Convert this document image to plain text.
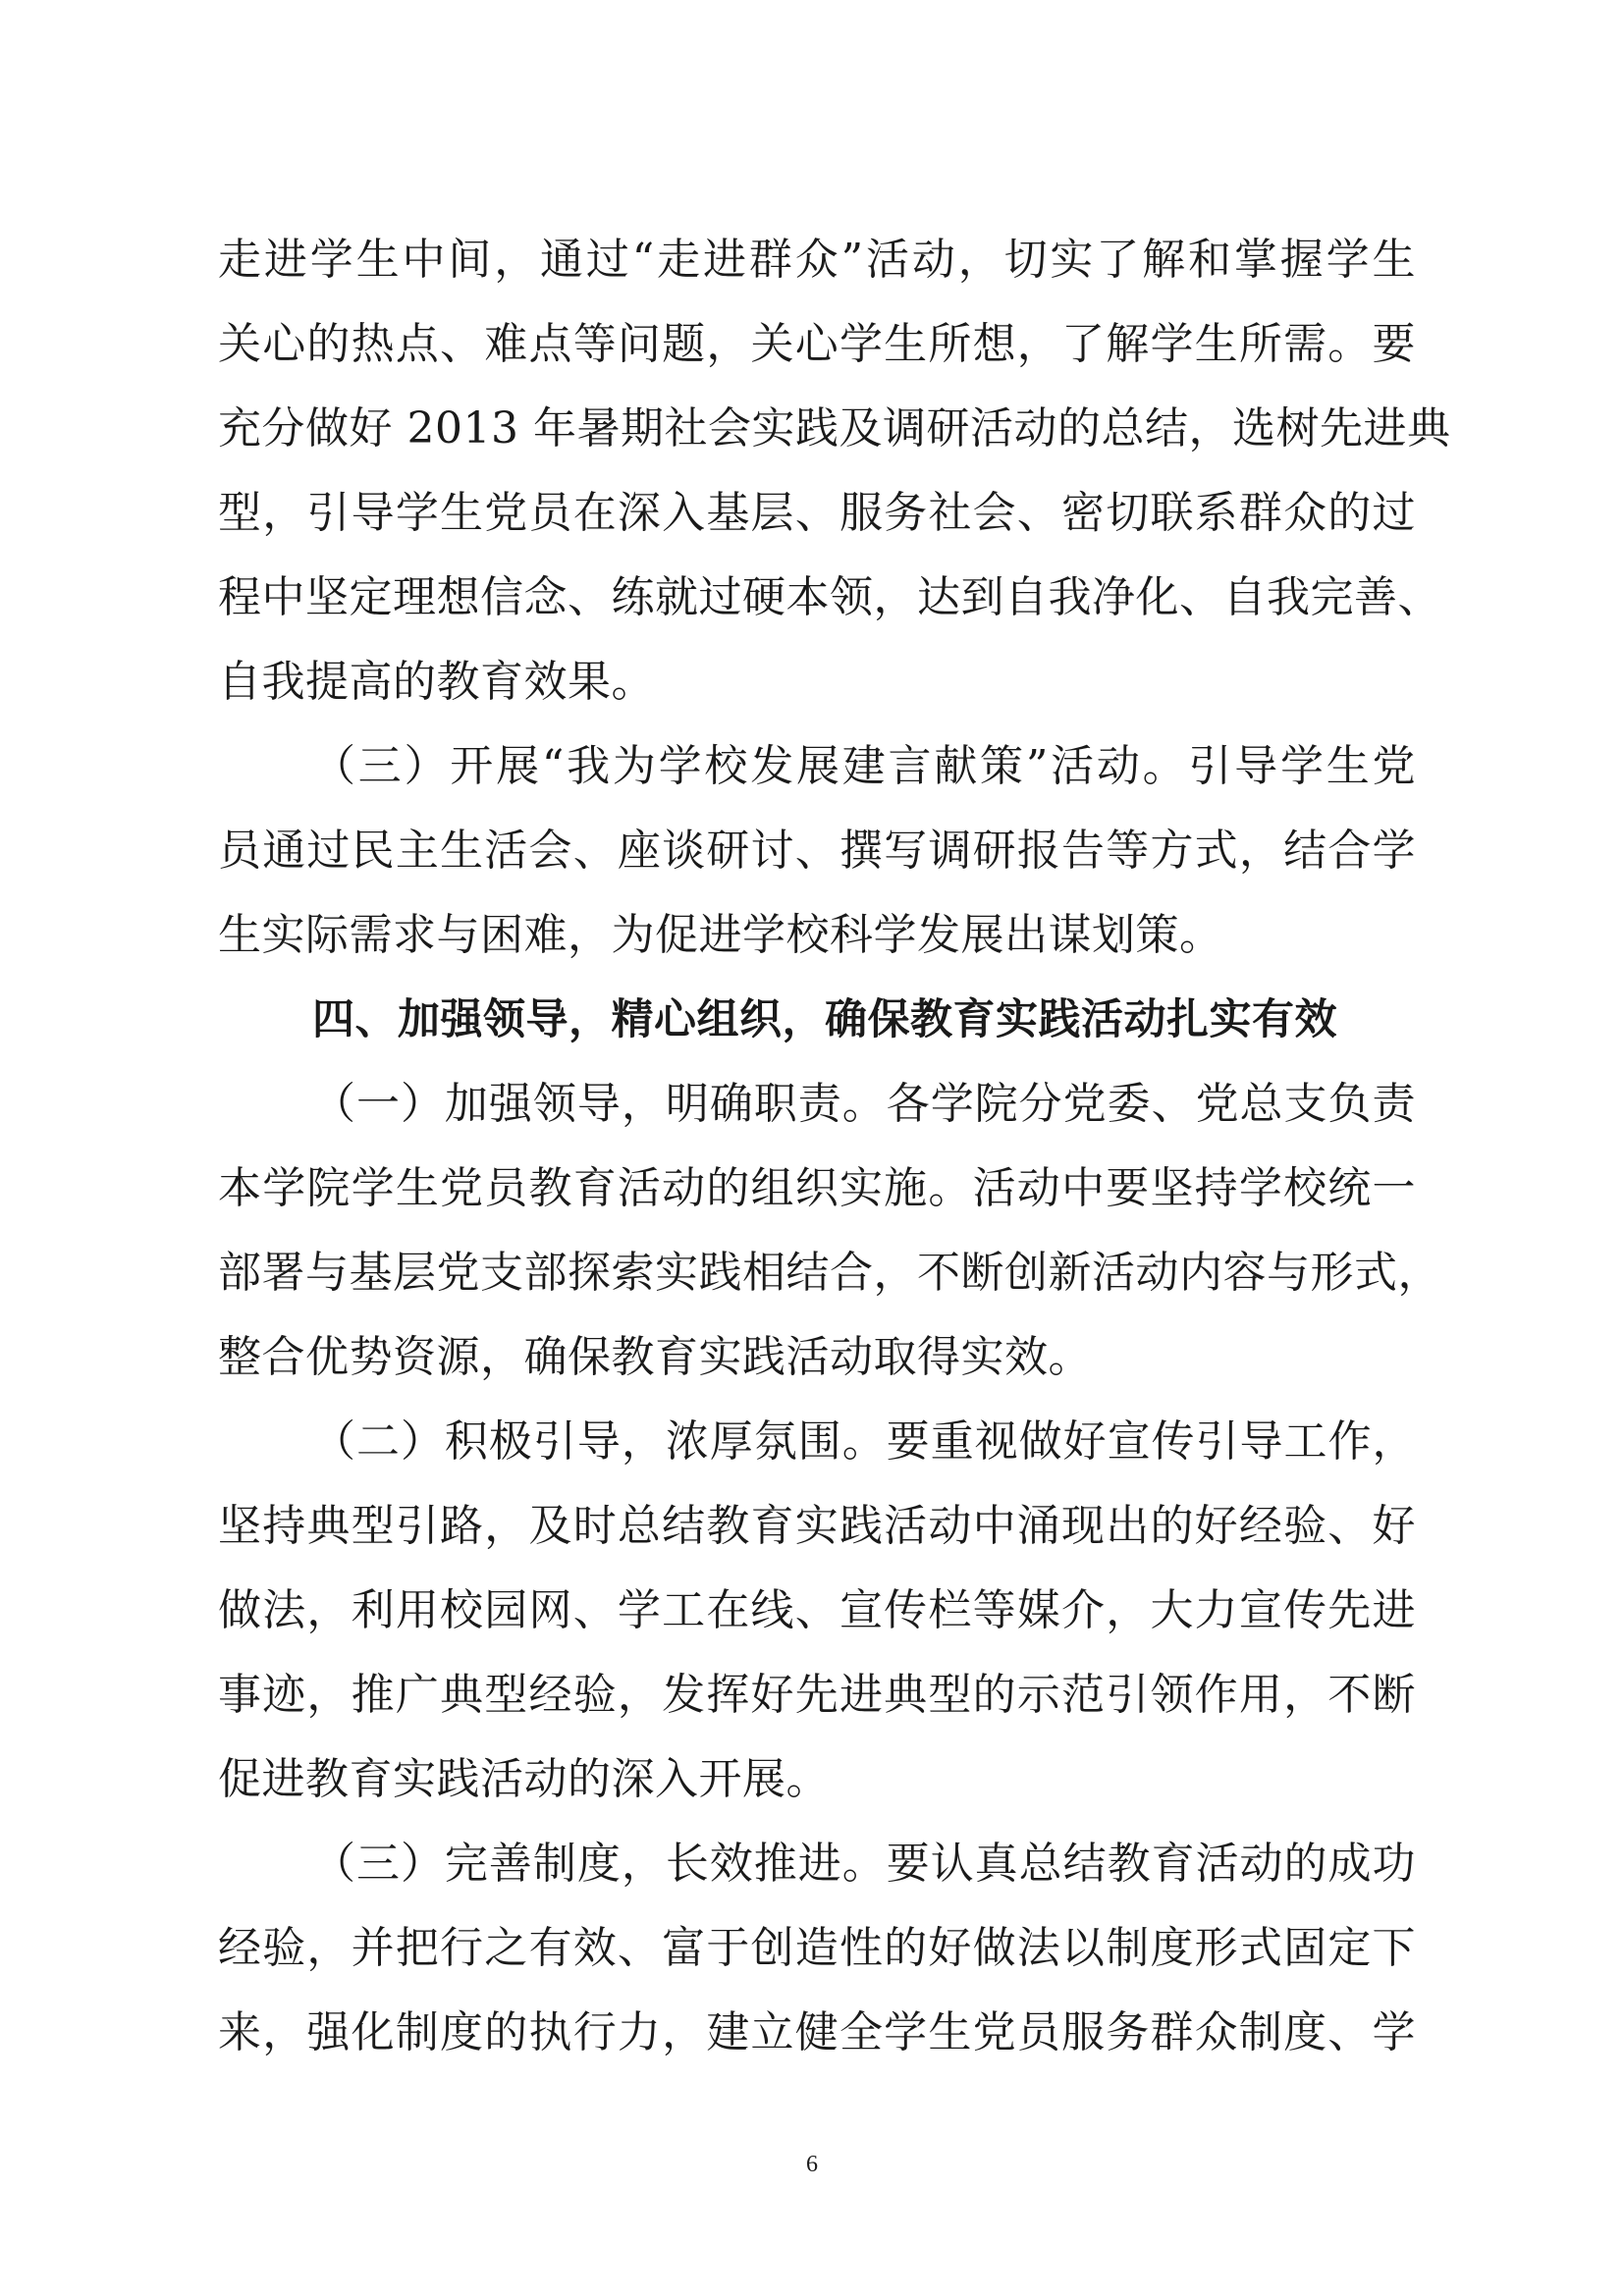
走进学生中间，通过“走进群众”活动，切实了解和掌握学生
关心的热点、难点等问题，关心学生所想，了解学生所需。要
充分做好 2013 年暑期社会实践及调研活动的总结，选树先进典
型，引导学生党员在深入基层、服务社会、密切联系群众的过
程中坚定理想信念、练就过硬本领，达到自我净化、自我完善、
自我提高的教育效果。
（三）开展“我为学校发展建言献策”活动。引导学生党
员通过民主生活会、座谈研讨、撰写调研报告等方式，结合学
生实际需求与困难，为促进学校科学发展出谋划策。
四、加强领导，精心组织，确保教育实践活动扎实有效
（一）加强领导，明确职责。各学院分党委、党总支负责
本学院学生党员教育活动的组织实施。活动中要坚持学校统一
部署与基层党支部探索实践相结合，不断创新活动内容与形式，
整合优势资源，确保教育实践活动取得实效。
（二）积极引导，浓厚氛围。要重视做好宣传引导工作，
坚持典型引路，及时总结教育实践活动中涌现出的好经验、好
做法，利用校园网、学工在线、宣传栏等媒介，大力宣传先进
事迹，推广典型经验，发挥好先进典型的示范引领作用，不断
促进教育实践活动的深入开展。
（三）完善制度，长效推进。要认真总结教育活动的成功
经验，并把行之有效、富于创造性的好做法以制度形式固定下
来，强化制度的执行力，建立健全学生党员服务群众制度、学
6
